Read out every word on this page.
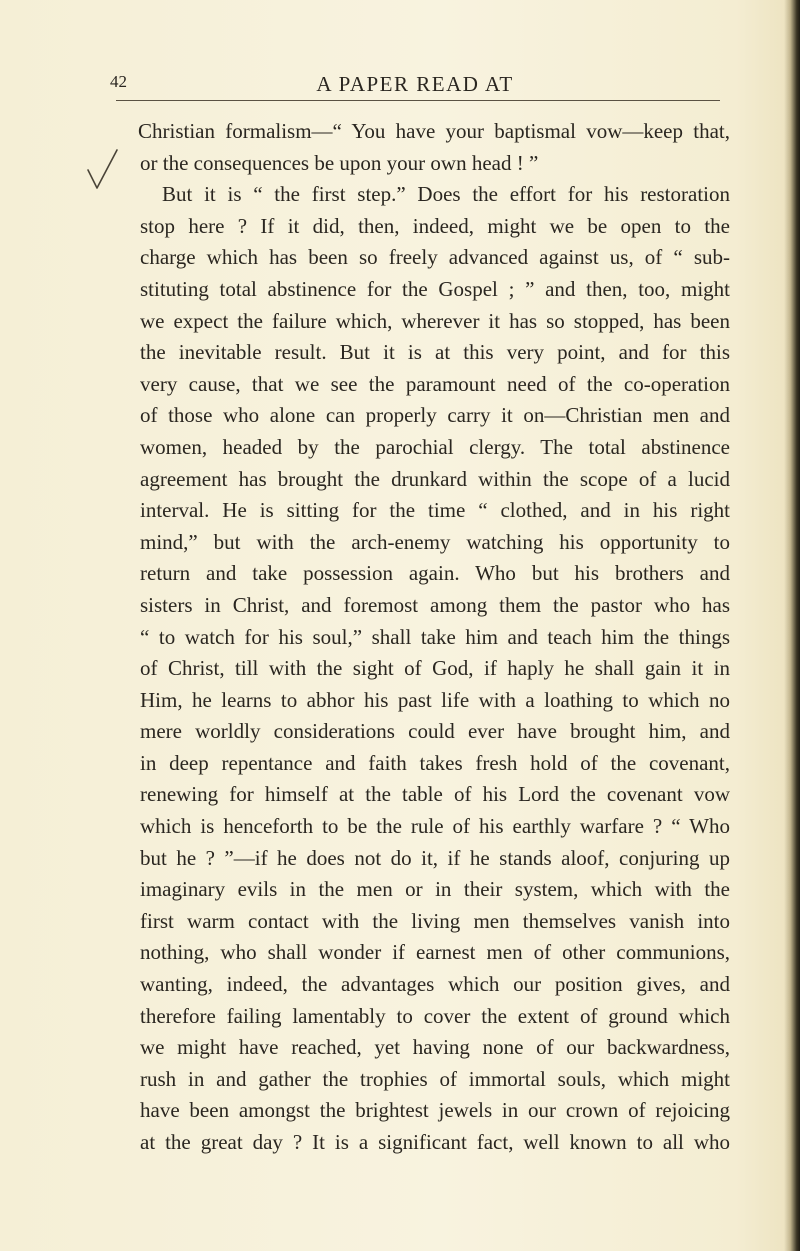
42	A PAPER READ AT
Christian formalism—“ You have your baptismal vow—keep that,
or the consequences be upon your own head ! ”
But it is “ the first step.” Does the effort for his restoration
stop here ? If it did, then, indeed, might we be open to the
charge which has been so freely advanced against us, of “ sub-
stituting total abstinence for the Gospel ; ” and then, too, might
we expect the failure which, wherever it has so stopped, has been
the inevitable result. But it is at this very point, and for this
very cause, that we see the paramount need of the co-operation
of those who alone can properly carry it on—Christian men and
women, headed by the parochial clergy. The total abstinence
agreement has brought the drunkard within the scope of a lucid
interval. He is sitting for the time “ clothed, and in his right
mind,” but with the arch-enemy watching his opportunity to
return and take possession again. Who but his brothers and
sisters in Christ, and foremost among them the pastor who has
“ to watch for his soul,” shall take him and teach him the things
of Christ, till with the sight of God, if haply he shall gain it in
Him, he learns to abhor his past life with a loathing to which no
mere worldly considerations could ever have brought him, and
in deep repentance and faith takes fresh hold of the covenant,
renewing for himself at the table of his Lord the covenant vow
which is henceforth to be the rule of his earthly warfare ? “ Who
but he ? ”—if he does not do it, if he stands aloof, conjuring up
imaginary evils in the men or in their system, which with the
first warm contact with the living men themselves vanish into
nothing, who shall wonder if earnest men of other communions,
wanting, indeed, the advantages which our position gives, and
therefore failing lamentably to cover the extent of ground which
we might have reached, yet having none of our backwardness,
rush in and gather the trophies of immortal souls, which might
have been amongst the brightest jewels in our crown of rejoicing
at the great day ? It is a significant fact, well known to all who
